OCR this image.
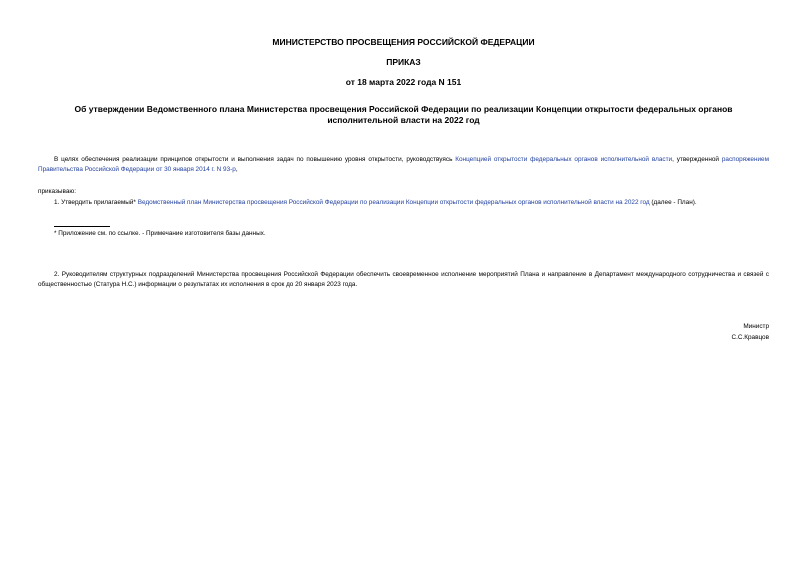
МИНИСТЕРСТВО ПРОСВЕЩЕНИЯ РОССИЙСКОЙ ФЕДЕРАЦИИ
ПРИКАЗ
от 18 марта 2022 года N 151
Об утверждении Ведомственного плана Министерства просвещения Российской Федерации по реализации Концепции открытости федеральных органов исполнительной власти на 2022 год
В целях обеспечения реализации принципов открытости и выполнения задач по повышению уровня открытости, руководствуясь Концепцией открытости федеральных органов исполнительной власти, утвержденной распоряжением Правительства Российской Федерации от 30 января 2014 г. N 93-р,
приказываю:
1. Утвердить прилагаемый* Ведомственный план Министерства просвещения Российской Федерации по реализации Концепции открытости федеральных органов исполнительной власти на 2022 год (далее - План).
* Приложение см. по ссылке. - Примечание изготовителя базы данных.
2. Руководителям структурных подразделений Министерства просвещения Российской Федерации обеспечить своевременное исполнение мероприятий Плана и направление в Департамент международного сотрудничества и связей с общественностью (Статура Н.С.) информации о результатах их исполнения в срок до 20 января 2023 года.
Министр
С.С.Кравцов
